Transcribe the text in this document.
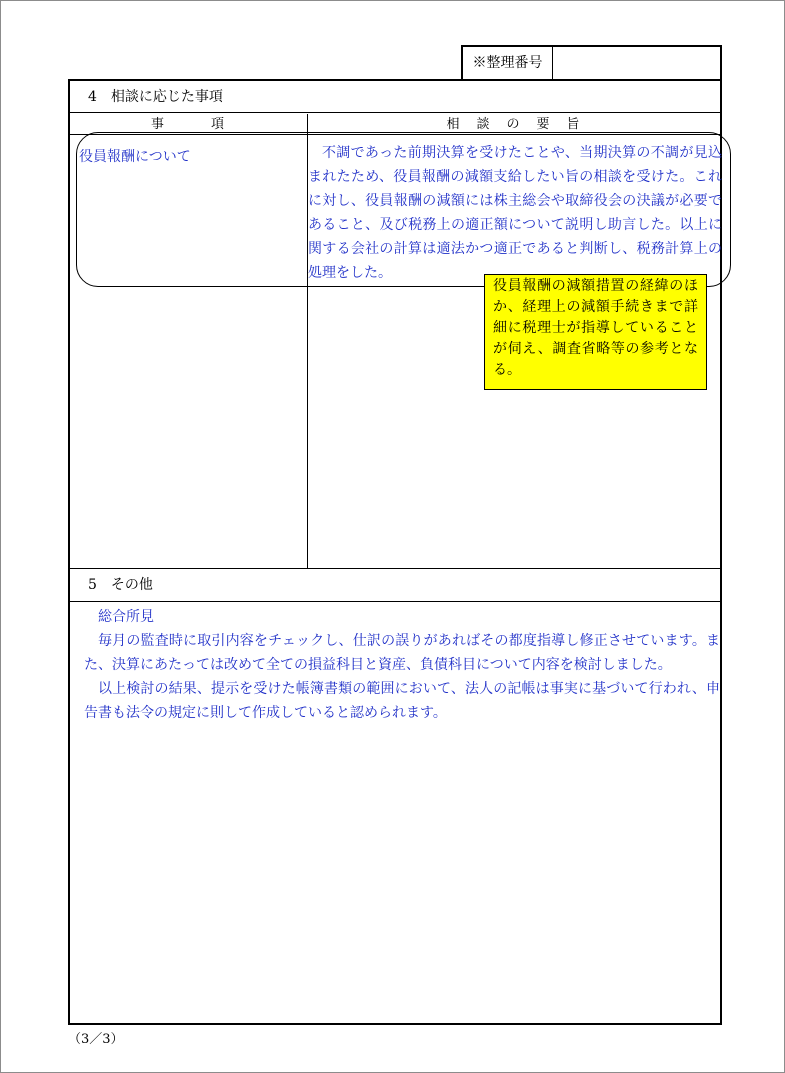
※整理番号
4　相談に応じた事項
事　　　項	相　談　の　要　旨
役員報酬について	不調であった前期決算を受けたことや、当期決算の不調が見込まれたため、役員報酬の減額支給したい旨の相談を受けた。これに対し、役員報酬の減額には株主総会や取締役会の決議が必要であること、及び税務上の適正額について説明し助言した。以上に関する会社の計算は適法かつ適正であると判断し、税務計算上の処理をした。
5　その他

総合所見

毎月の監査時に取引内容をチェックし、仕訳の誤りがあればその都度指導し修正させています。また、決算にあたっては改めて全ての損益科目と資産、負債科目について内容を検討しました。

以上検討の結果、提示を受けた帳簿書類の範囲において、法人の記帳は事実に基づいて行われ、申告書も法令の規定に則して作成していると認められます。

役員報酬の減額措置の経緯のほか、経理上の減額手続きまで詳細に税理士が指導していることが伺え、調査省略等の参考となる。
（3／3）
